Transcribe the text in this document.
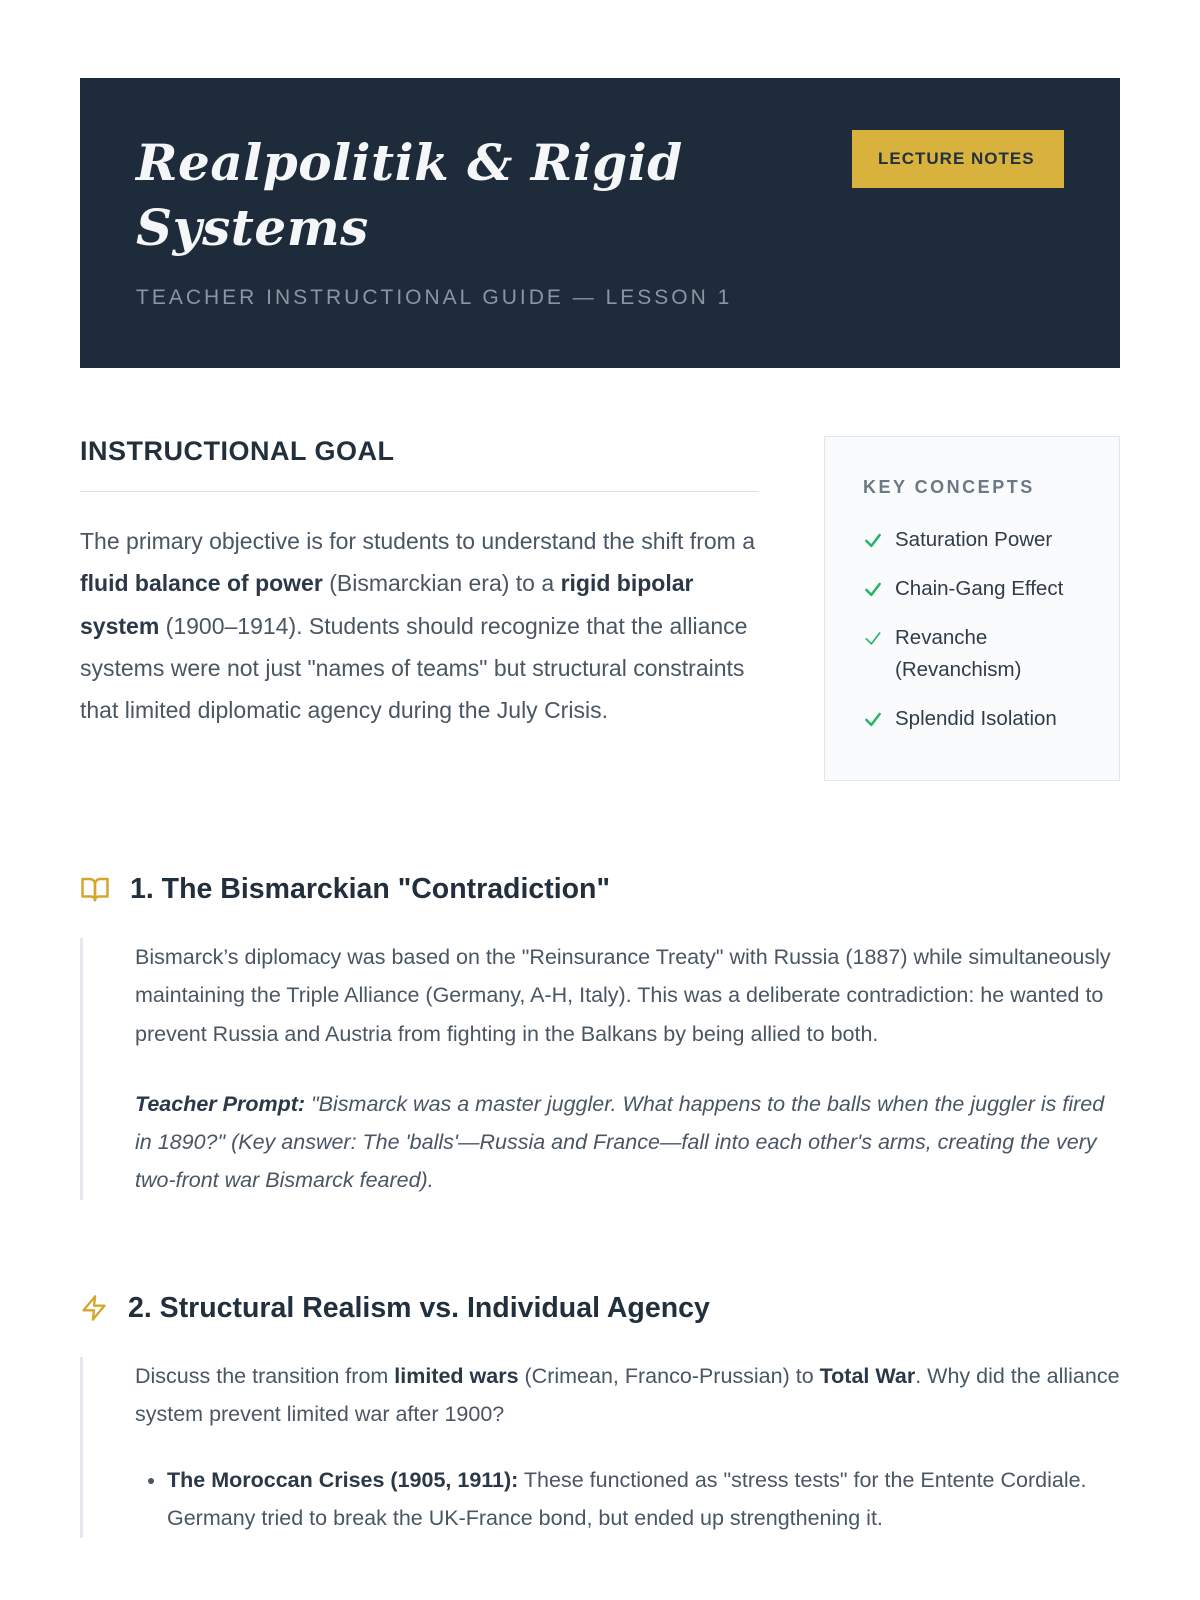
Realpolitik & Rigid Systems
TEACHER INSTRUCTIONAL GUIDE — LESSON 1
LECTURE NOTES
INSTRUCTIONAL GOAL

The primary objective is for students to understand the shift from a fluid balance of power (Bismarckian era) to a rigid bipolar system (1900–1914). Students should recognize that the alliance systems were not just "names of teams" but structural constraints that limited diplomatic agency during the July Crisis.

KEY CONCEPTS
Saturation Power
Chain-Gang Effect
Revanche (Revanchism)
Splendid Isolation
1. The Bismarckian "Contradiction"

Bismarck’s diplomacy was based on the "Reinsurance Treaty" with Russia (1887) while simultaneously maintaining the Triple Alliance (Germany, A-H, Italy). This was a deliberate contradiction: he wanted to prevent Russia and Austria from fighting in the Balkans by being allied to both.

Teacher Prompt: "Bismarck was a master juggler. What happens to the balls when the juggler is fired in 1890?" (Key answer: The 'balls'—Russia and France—fall into each other's arms, creating the very two-front war Bismarck feared).

2. Structural Realism vs. Individual Agency

Discuss the transition from limited wars (Crimean, Franco-Prussian) to Total War. Why did the alliance system prevent limited war after 1900?

• The Moroccan Crises (1905, 1911): These functioned as "stress tests" for the Entente Cordiale. Germany tried to break the UK-France bond, but ended up strengthening it.
